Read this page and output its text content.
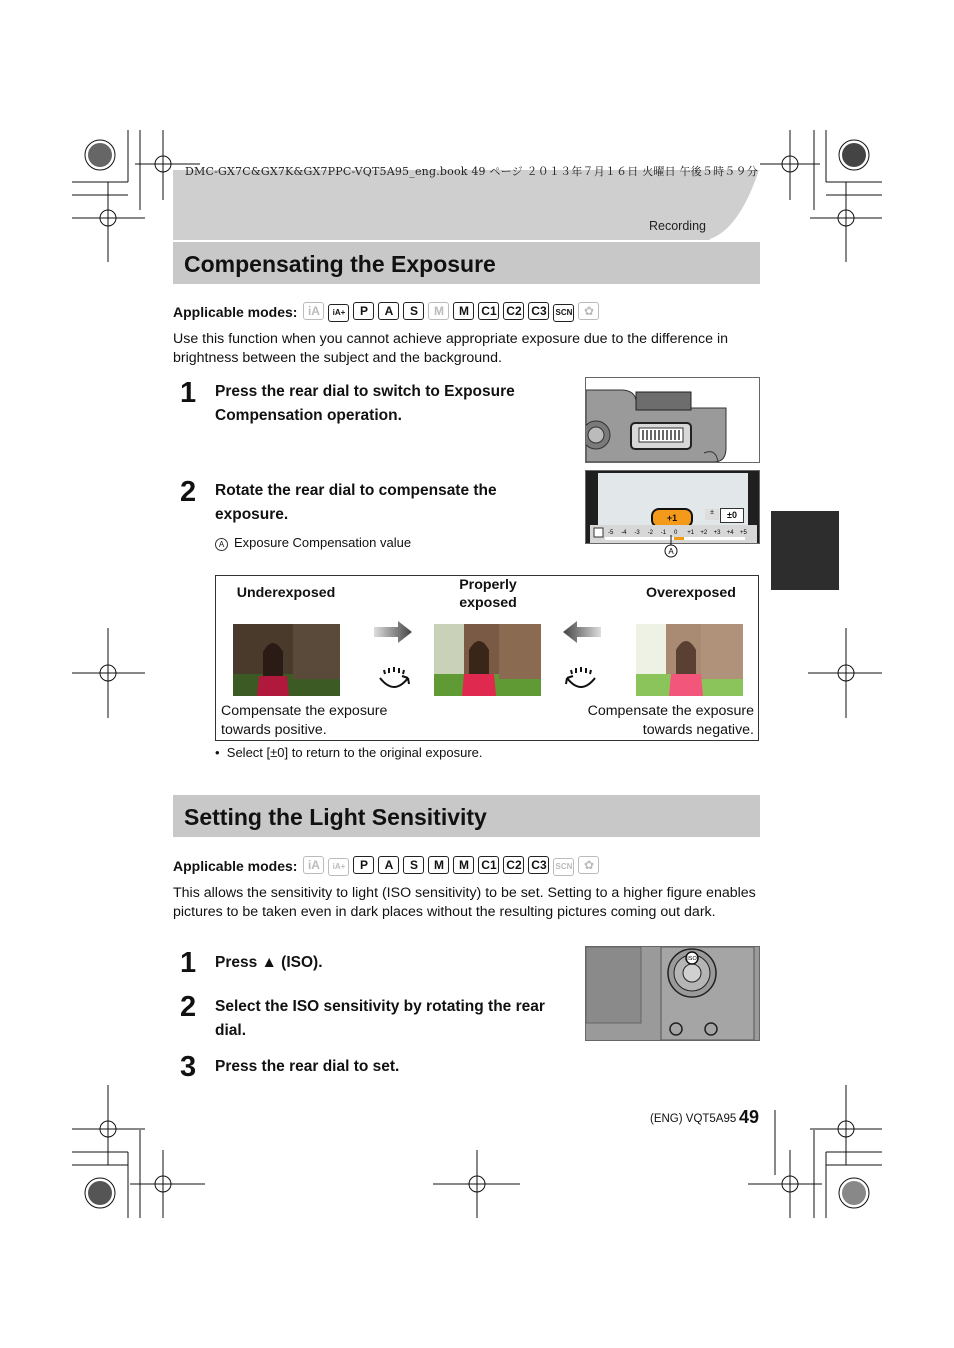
DMC-GX7C&GX7K&GX7PPC-VQT5A95_eng.book 49 ページ ２０１３年７月１６日 火曜日 午後５時５９分
Recording
Compensating the Exposure
Applicable modes: iA iA+ P A S M M C1 C2 C3 SCN ✿
Use this function when you cannot achieve appropriate exposure due to the difference in brightness between the subject and the background.
1 Press the rear dial to switch to Exposure Compensation operation.
2 Rotate the rear dial to compensate the exposure.
A Exposure Compensation value
+1
±	±0
-5 -4 -3 -2 -1 0 +1 +2 +3 +4 +5
A
Underexposed	Properly exposed
Overexposed
Compensate the exposure towards positive.
Compensate the exposure towards negative.
•  Select [±0] to return to the original exposure.
Setting the Light Sensitivity
Applicable modes: iA iA+ P A S M M C1 C2 C3 SCN ✿
This allows the sensitivity to light (ISO sensitivity) to be set. Setting to a higher figure enables pictures to be taken even in dark places without the resulting pictures coming out dark.
1 Press ▲ (ISO).
2 Select the ISO sensitivity by rotating the rear dial.
3 Press the rear dial to set.
ISO
(ENG) VQT5A95 49
